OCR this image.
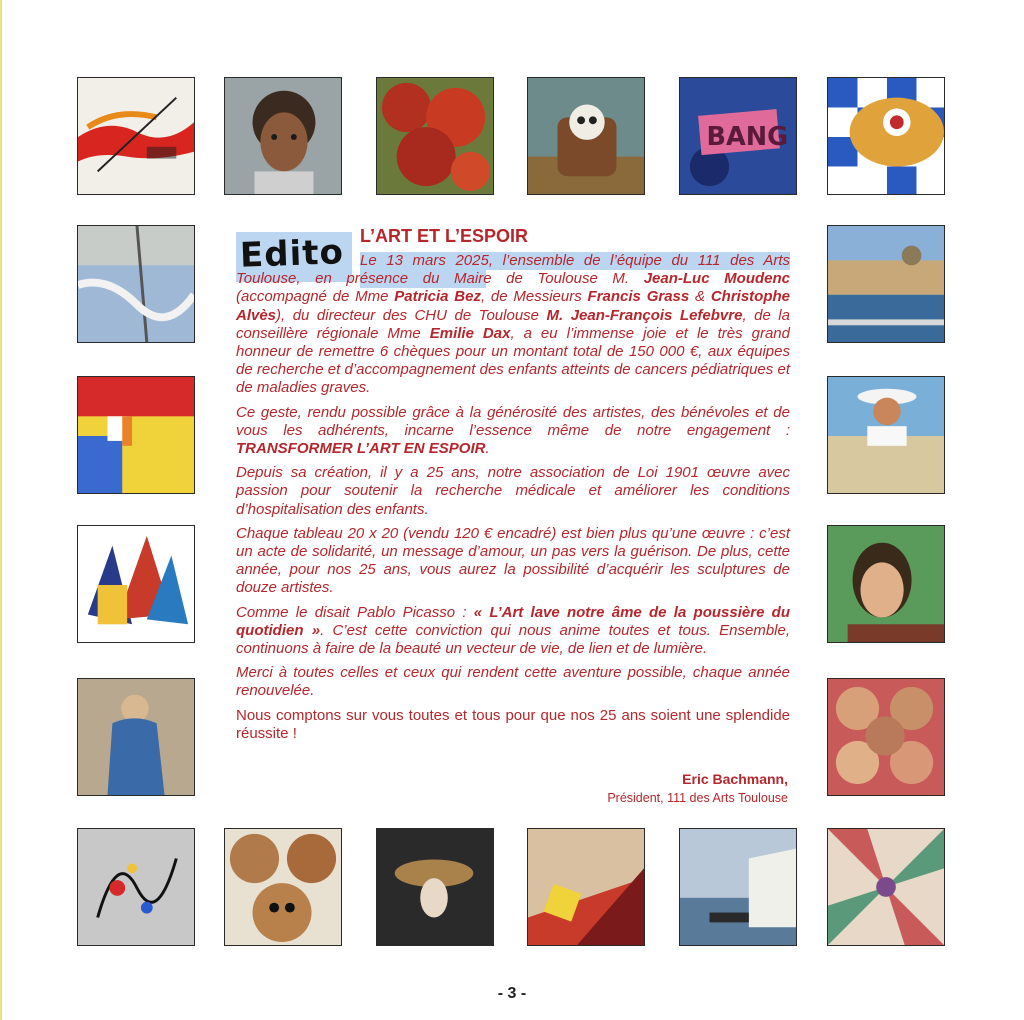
BANG
Edito L’ART ET L’ESPOIR

Le 13 mars 2025, l’ensemble de l’équipe du 111 des Arts Toulouse, en présence du Maire de Toulouse M. Jean-Luc Moudenc (accompagné de Mme Patricia Bez, de Messieurs Francis Grass & Christophe Alvès), du directeur des CHU de Toulouse M. Jean-François Lefebvre, de la conseillère régionale Mme Emilie Dax, a eu l’immense joie et le très grand honneur de remettre 6 chèques pour un montant total de 150 000 €, aux équipes de recherche et d’accompagnement des enfants atteints de cancers pédiatriques et de maladies graves.

Ce geste, rendu possible grâce à la générosité des artistes, des bénévoles et de vous les adhérents, incarne l’essence même de notre engagement : TRANSFORMER L’ART EN ESPOIR.

Depuis sa création, il y a 25 ans, notre association de Loi 1901 œuvre avec passion pour soutenir la recherche médicale et améliorer les conditions d’hospitalisation des enfants.

Chaque tableau 20 x 20 (vendu 120 € encadré) est bien plus qu’une œuvre : c’est un acte de solidarité, un message d’amour, un pas vers la guérison. De plus, cette année, pour nos 25 ans, vous aurez la possibilité d’acquérir les sculptures de douze artistes.

Comme le disait Pablo Picasso : « L’Art lave notre âme de la poussière du quotidien ». C’est cette conviction qui nous anime toutes et tous. Ensemble, continuons à faire de la beauté un vecteur de vie, de lien et de lumière.

Merci à toutes celles et ceux qui rendent cette aventure possible, chaque année renouvelée.

Nous comptons sur vous toutes et tous pour que nos 25 ans soient une splendide réussite !

Eric Bachmann,
Président, 111 des Arts Toulouse
- 3 -
